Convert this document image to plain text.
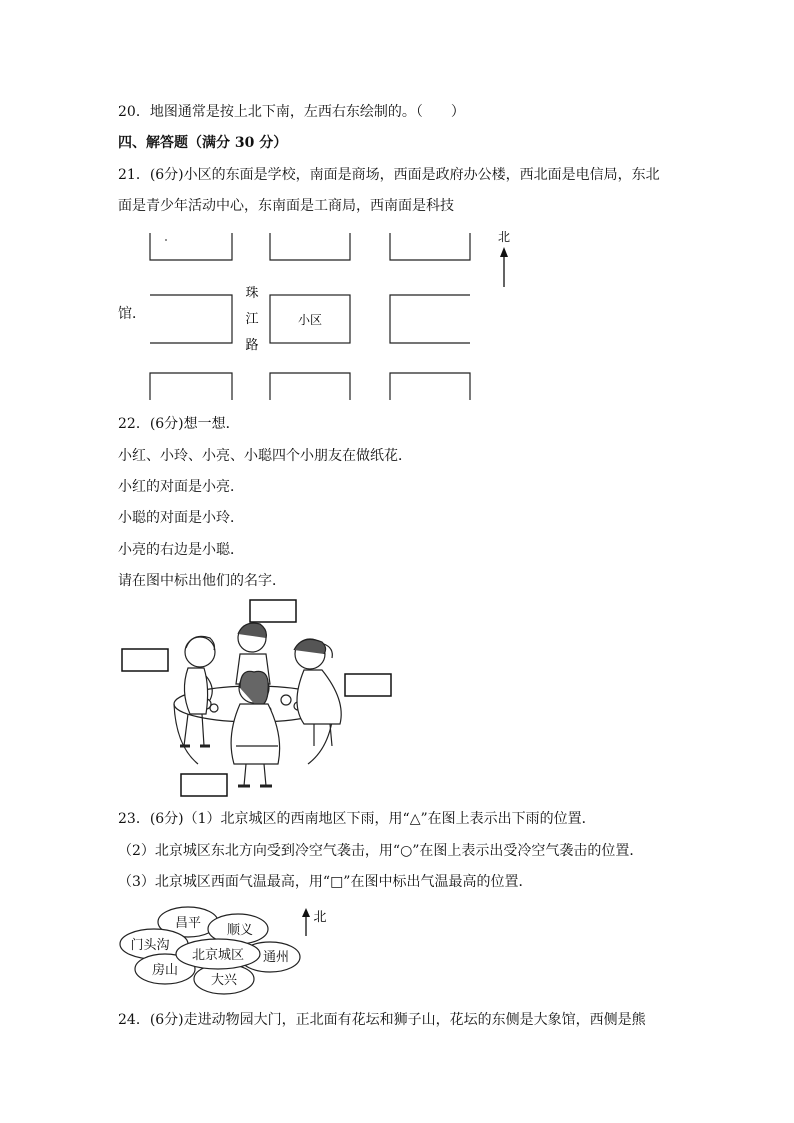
20．地图通常是按上北下南，左西右东绘制的。（　　）
四、解答题（满分 30 分）
21．(6分)小区的东面是学校，南面是商场，西面是政府办公楼，西北面是电信局，东北
面是青少年活动中心，东南面是工商局，西南面是科技
馆．
珠
江
路
小区
北
22．(6分)想一想．
小红、小玲、小亮、小聪四个小朋友在做纸花．
小红的对面是小亮．
小聪的对面是小玲．
小亮的右边是小聪．
请在图中标出他们的名字．
23．(6分)（1）北京城区的西南地区下雨，用“△”在图上表示出下雨的位置．
（2）北京城区东北方向受到冷空气袭击，用“○”在图上表示出受冷空气袭击的位置．
（3）北京城区西面气温最高，用“□”在图中标出气温最高的位置．
昌平 顺义
门头沟
北京城区 通州
房山
大兴
北
24．(6分)走进动物园大门，正北面有花坛和狮子山，花坛的东侧是大象馆，西侧是熊
